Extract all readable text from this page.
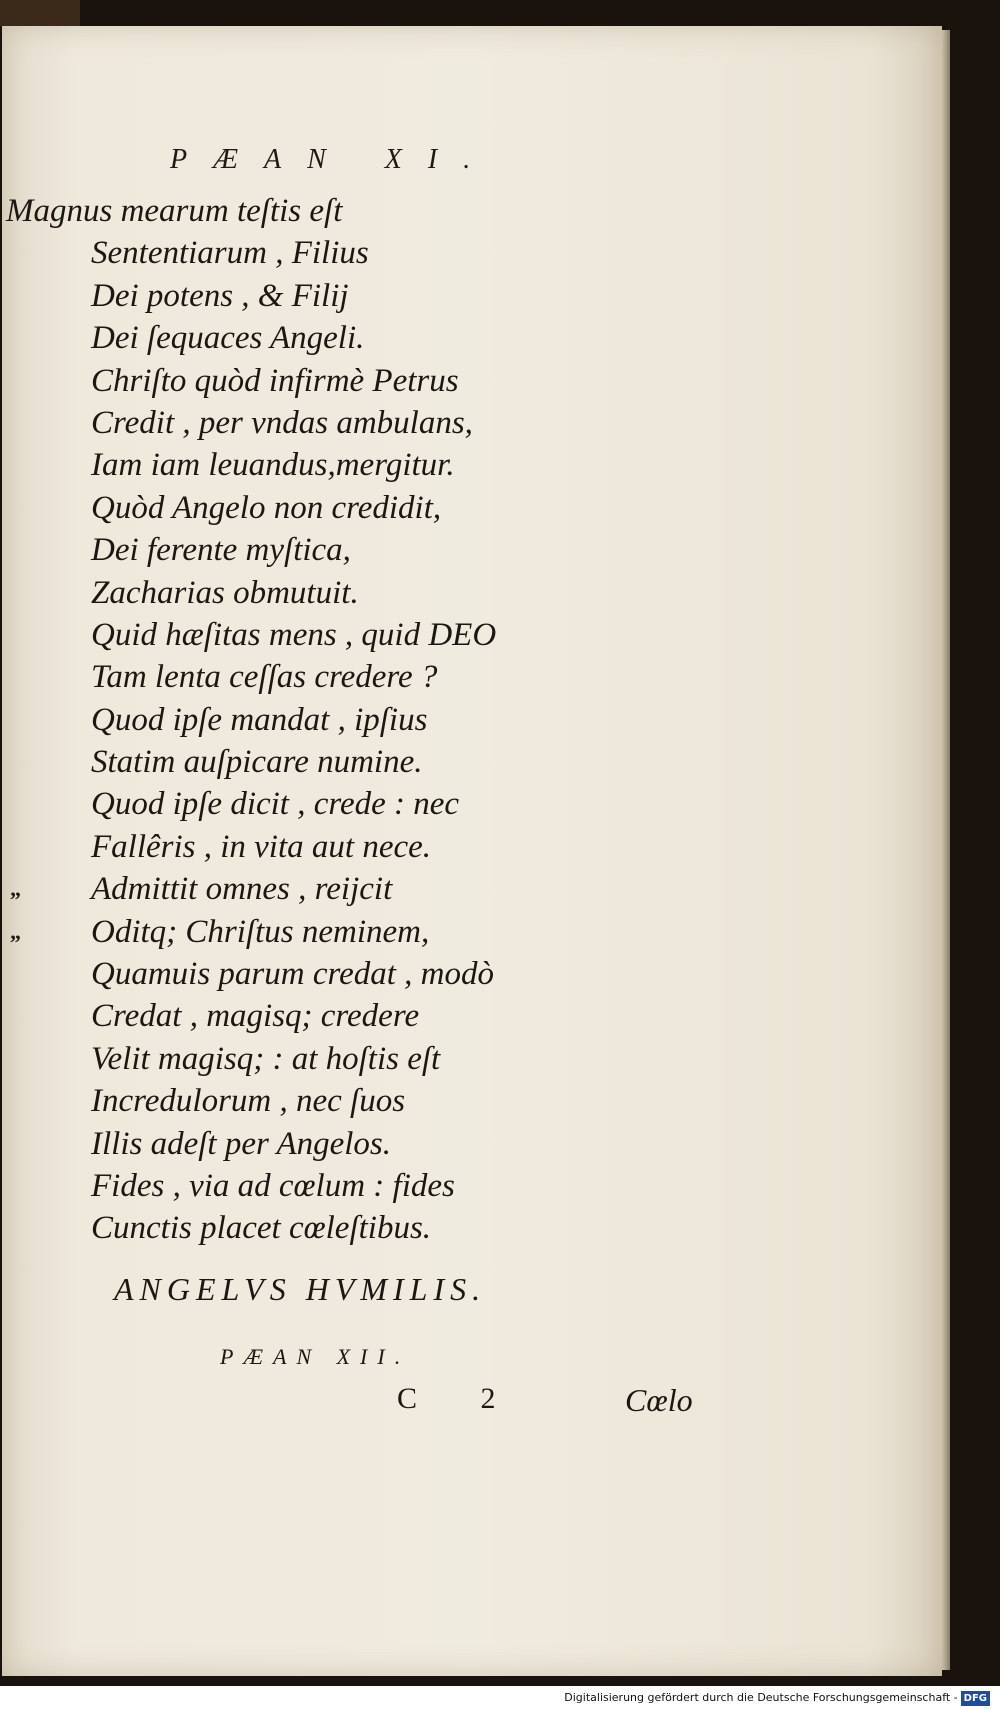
PÆAN XI.
Magnus mearum teſtis eſt
Sententiarum , Filius
Dei potens , & Filij
Dei ſequaces Angeli.
Chriſto quòd infirmè Petrus
Credit , per vndas ambulans,
Iam iam leuandus,mergitur.
Quòd Angelo non credidit,
Dei ferente myſtica,
Zacharias obmutuit.
Quid hæſitas mens , quid DEO
Tam lenta ceſſas credere ?
Quod ipſe mandat , ipſius
Statim auſpicare numine.
Quod ipſe dicit , crede : nec
Fallêris , in vita aut nece.
„ Admittit omnes , reijcit
„ Oditq; Chriſtus neminem,
Quamuis parum credat , modò
Credat , magisq; credere
Velit magisq; : at hoſtis eſt
Incredulorum , nec ſuos
Illis adeſt per Angelos.
Fides , via ad cœlum : fides
Cunctis placet cœleſtibus.
ANGELVS HVMILIS.
PÆAN XII.
C 2	Cœlo
Digitalisierung gefördert durch die Deutsche Forschungsgemeinschaft - DFG
